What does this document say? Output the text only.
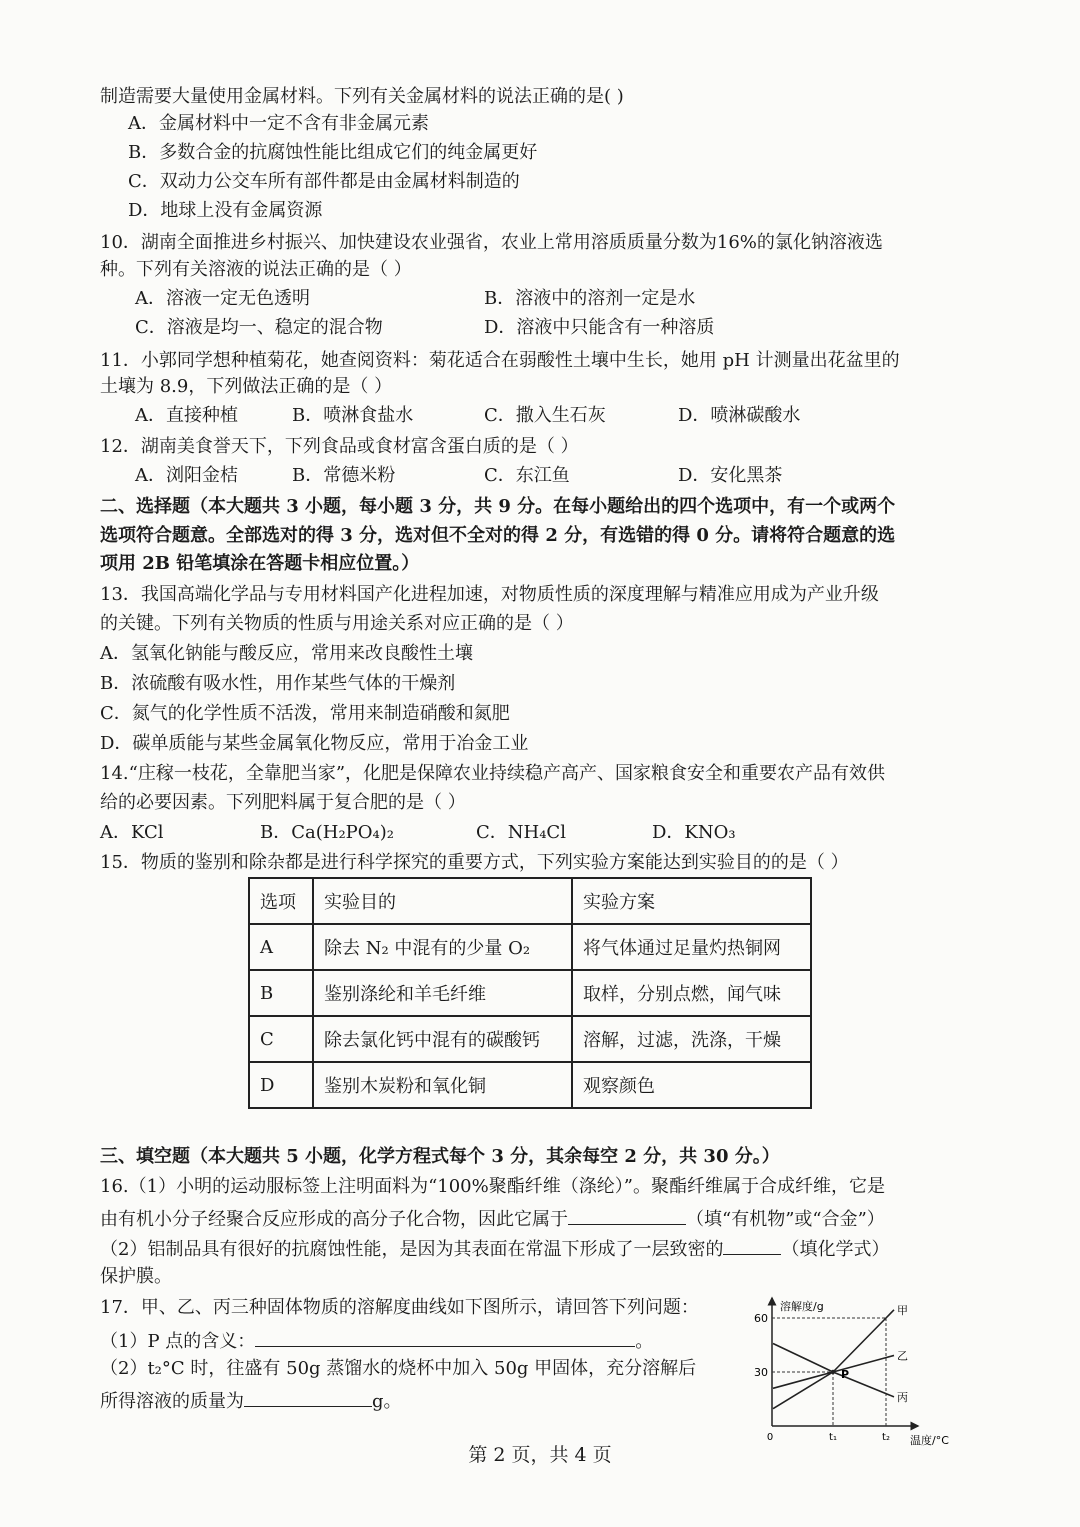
制造需要大量使用金属材料。下列有关金属材料的说法正确的是( )
A．金属材料中一定不含有非金属元素
B．多数合金的抗腐蚀性能比组成它们的纯金属更好
C．双动力公交车所有部件都是由金属材料制造的
D．地球上没有金属资源
10．湖南全面推进乡村振兴、加快建设农业强省，农业上常用溶质质量分数为16%的氯化钠溶液选
种。下列有关溶液的说法正确的是（ ）
A．溶液一定无色透明	B．溶液中的溶剂一定是水
C．溶液是均一、稳定的混合物	D．溶液中只能含有一种溶质
11．小郭同学想种植菊花，她查阅资料：菊花适合在弱酸性土壤中生长，她用 pH 计测量出花盆里的
土壤为 8.9，下列做法正确的是（ ）
A．直接种植	B．喷淋食盐水	C．撒入生石灰	D．喷淋碳酸水
12．湖南美食誉天下，下列食品或食材富含蛋白质的是（ ）
A．浏阳金桔	B．常德米粉	C．东江鱼	D．安化黑茶
二、选择题（本大题共 3 小题，每小题 3 分，共 9 分。在每小题给出的四个选项中，有一个或两个
选项符合题意。全部选对的得 3 分，选对但不全对的得 2 分，有选错的得 0 分。请将符合题意的选
项用 2B 铅笔填涂在答题卡相应位置。）
13．我国高端化学品与专用材料国产化进程加速，对物质性质的深度理解与精准应用成为产业升级
的关键。下列有关物质的性质与用途关系对应正确的是（ ）
A．氢氧化钠能与酸反应，常用来改良酸性土壤
B．浓硫酸有吸水性，用作某些气体的干燥剂
C．氮气的化学性质不活泼，常用来制造硝酸和氮肥
D．碳单质能与某些金属氧化物反应，常用于冶金工业
14.“庄稼一枝花，全靠肥当家”，化肥是保障农业持续稳产高产、国家粮食安全和重要农产品有效供
给的必要因素。下列肥料属于复合肥的是（ ）
A．KCl	B．Ca(H₂PO₄)₂	C．NH₄Cl	D．KNO₃
15．物质的鉴别和除杂都是进行科学探究的重要方式，下列实验方案能达到实验目的的是（ ）
选项	实验目的	实验方案
A	除去 N₂ 中混有的少量 O₂	将气体通过足量灼热铜网
B	鉴别涤纶和羊毛纤维	取样，分别点燃，闻气味
C	除去氯化钙中混有的碳酸钙	溶解，过滤，洗涤，干燥
D	鉴别木炭粉和氧化铜	观察颜色
三、填空题（本大题共 5 小题，化学方程式每个 3 分，其余每空 2 分，共 30 分。）
16.（1）小明的运动服标签上注明面料为“100%聚酯纤维（涤纶）”。聚酯纤维属于合成纤维，它是
由有机小分子经聚合反应形成的高分子化合物，因此它属于	（填“有机物”或“合金”）
（2）铝制品具有很好的抗腐蚀性能，是因为其表面在常温下形成了一层致密的	（填化学式）
保护膜。
17．甲、乙、丙三种固体物质的溶解度曲线如下图所示，请回答下列问题：
（1）P 点的含义：	。
（2）t₂°C 时，往盛有 50g 蒸馏水的烧杯中加入 50g 甲固体，充分溶解后
所得溶液的质量为	g。
溶解度/g
温度/°C
30
60
0	t₁	t₂
甲
乙
丙
P
第 2 页，共 4 页
